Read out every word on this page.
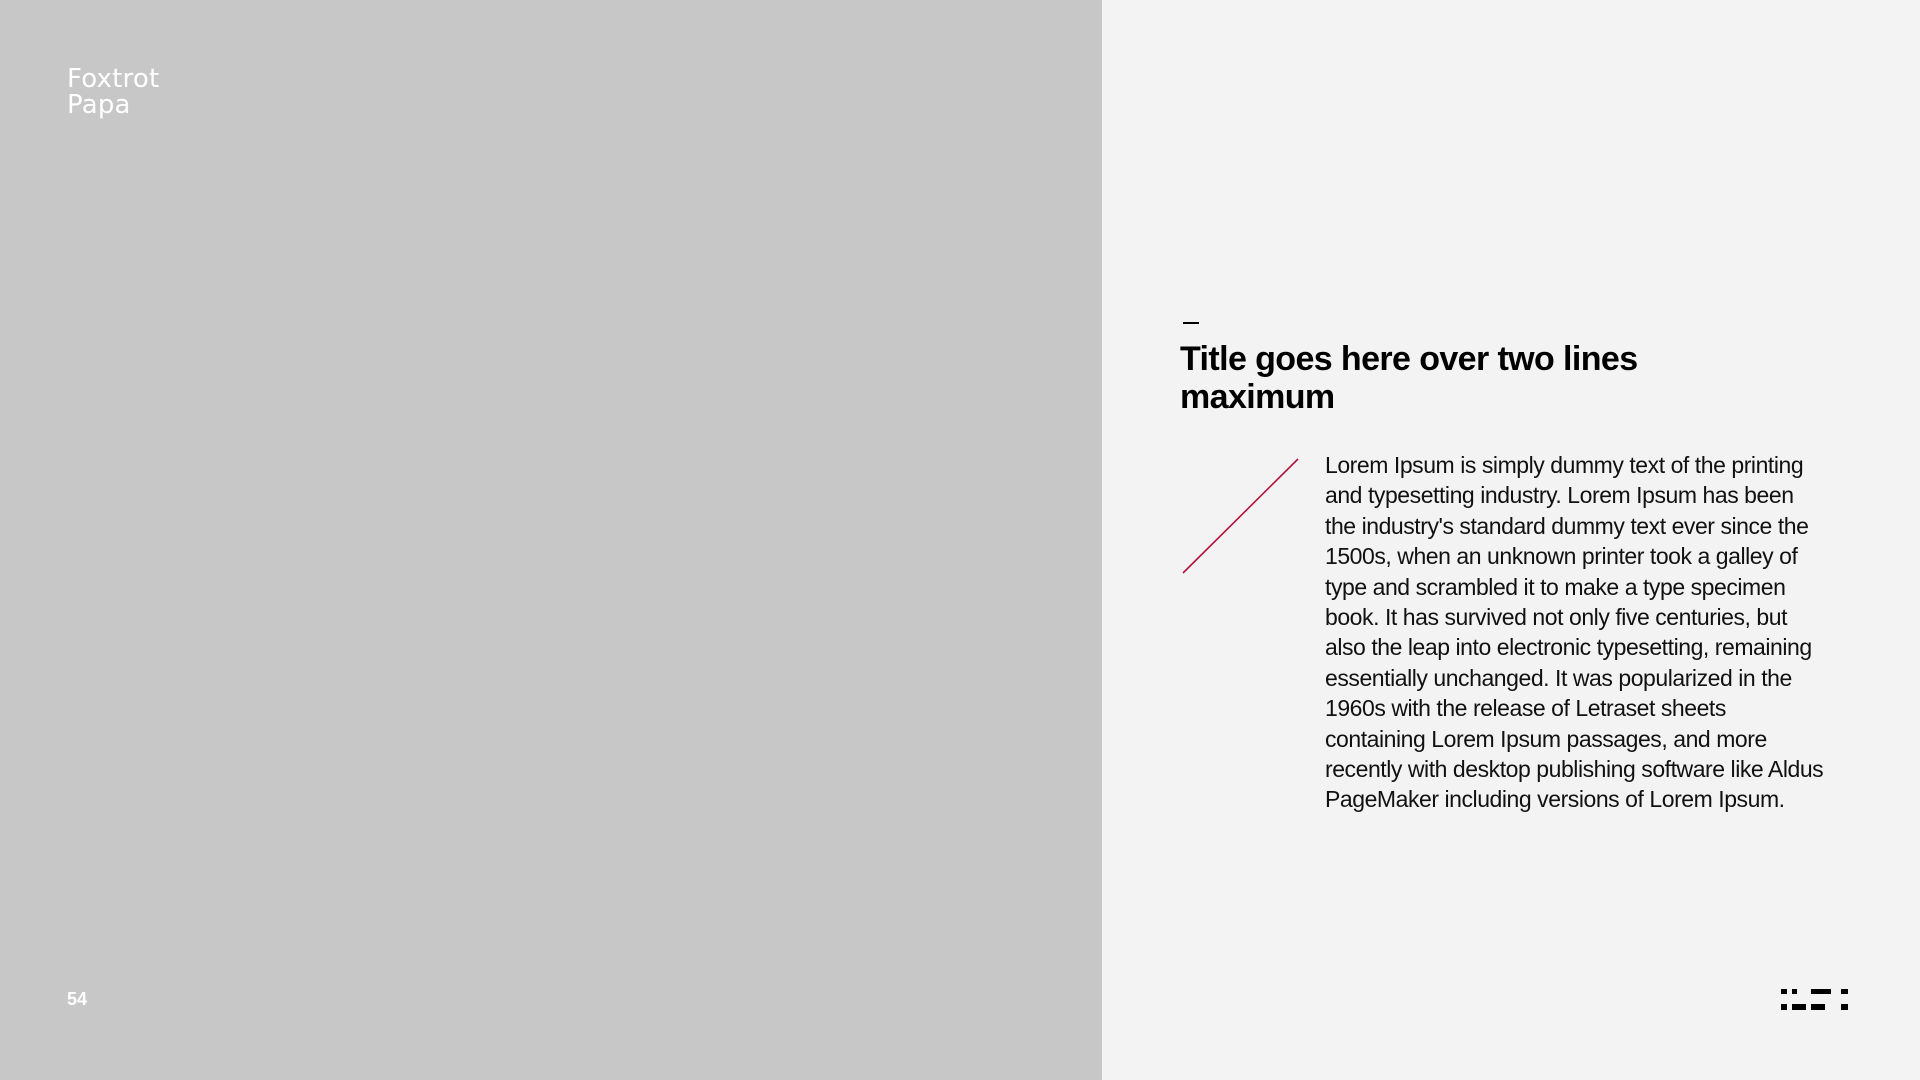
Foxtrot
Papa
54
Title goes here over two lines maximum

Lorem Ipsum is simply dummy text of the printing and typesetting industry. Lorem Ipsum has been the industry's standard dummy text ever since the 1500s, when an unknown printer took a galley of type and scrambled it to make a type specimen book. It has survived not only five centuries, but also the leap into electronic typesetting, remaining essentially unchanged. It was popularized in the 1960s with the release of Letraset sheets containing Lorem Ipsum passages, and more recently with desktop publishing software like Aldus PageMaker including versions of Lorem Ipsum.
